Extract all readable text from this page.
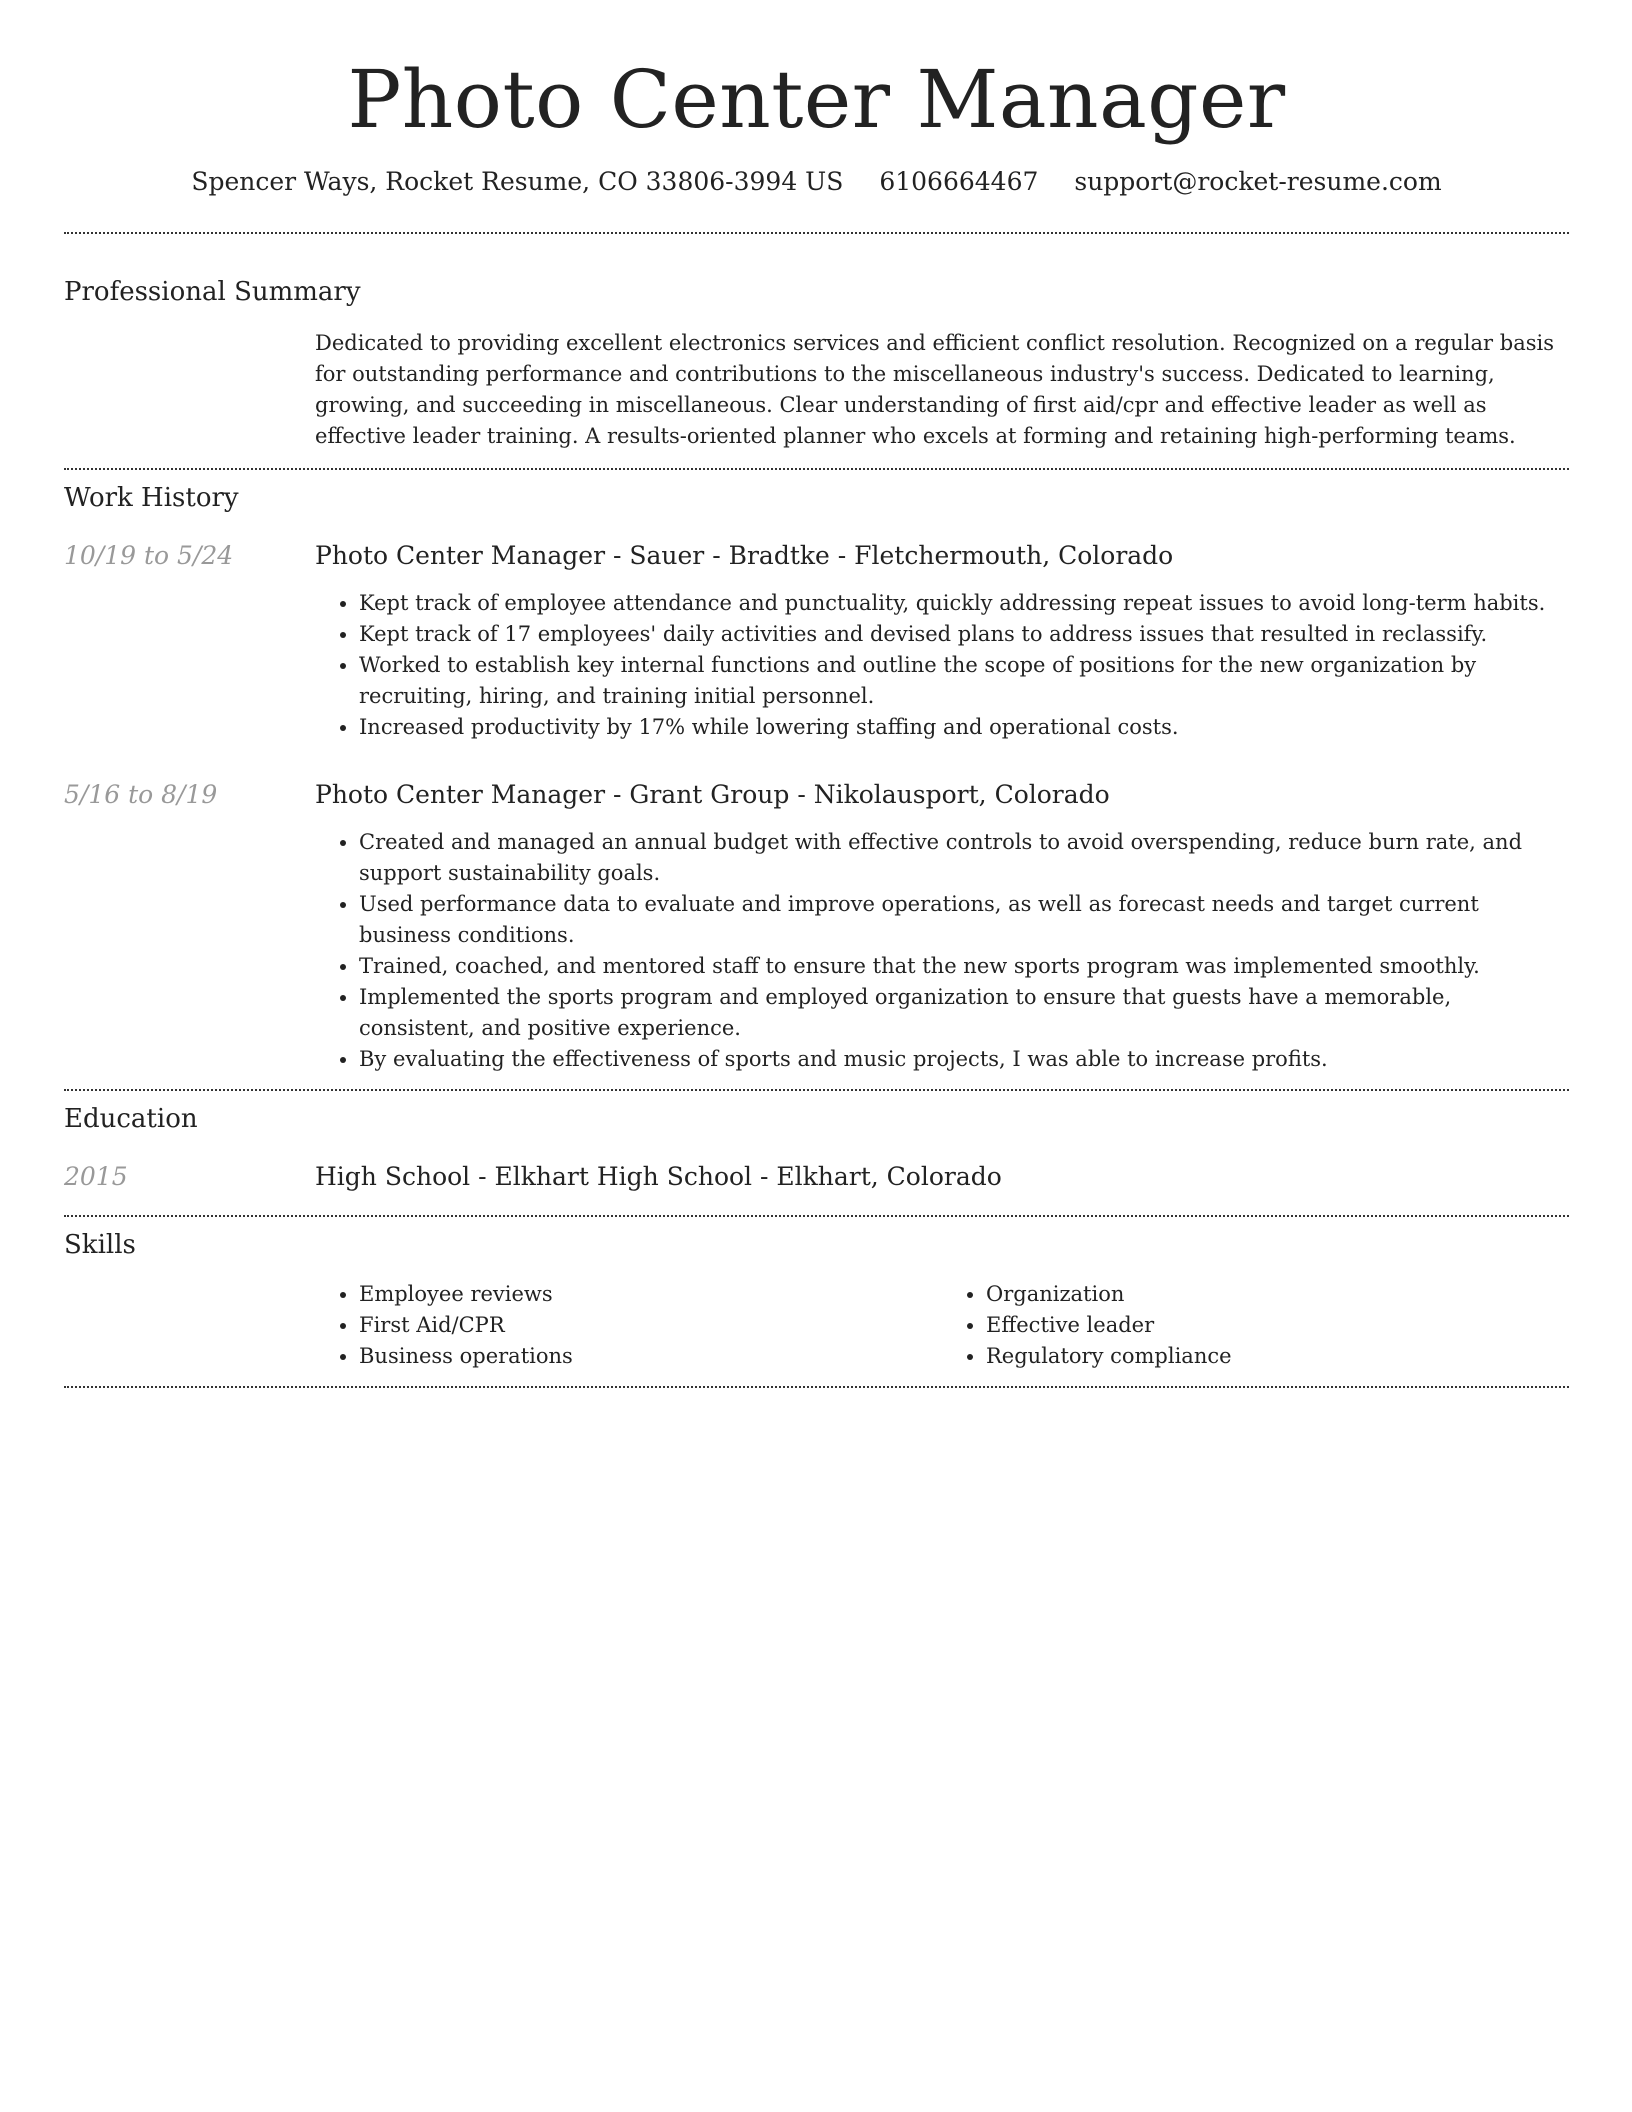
Photo Center Manager
Spencer Ways, Rocket Resume, CO 33806-3994 US 6106664467 support@rocket-resume.com
Professional Summary
Dedicated to providing excellent electronics services and efficient conflict resolution. Recognized on a regular basis for outstanding performance and contributions to the miscellaneous industry's success. Dedicated to learning, growing, and succeeding in miscellaneous. Clear understanding of first aid/cpr and effective leader as well as effective leader training. A results-oriented planner who excels at forming and retaining high-performing teams.
Work History
10/19 to 5/24	Photo Center Manager - Sauer - Bradtke - Fletchermouth, Colorado
• Kept track of employee attendance and punctuality, quickly addressing repeat issues to avoid long-term habits.
• Kept track of 17 employees' daily activities and devised plans to address issues that resulted in reclassify.
• Worked to establish key internal functions and outline the scope of positions for the new organization by recruiting, hiring, and training initial personnel.
• Increased productivity by 17% while lowering staffing and operational costs.
5/16 to 8/19	Photo Center Manager - Grant Group - Nikolausport, Colorado
• Created and managed an annual budget with effective controls to avoid overspending, reduce burn rate, and support sustainability goals.
• Used performance data to evaluate and improve operations, as well as forecast needs and target current business conditions.
• Trained, coached, and mentored staff to ensure that the new sports program was implemented smoothly.
• Implemented the sports program and employed organization to ensure that guests have a memorable, consistent, and positive experience.
• By evaluating the effectiveness of sports and music projects, I was able to increase profits.
Education
2015	High School - Elkhart High School - Elkhart, Colorado
Skills
• Employee reviews
• First Aid/CPR
• Business operations
• Organization
• Effective leader
• Regulatory compliance
